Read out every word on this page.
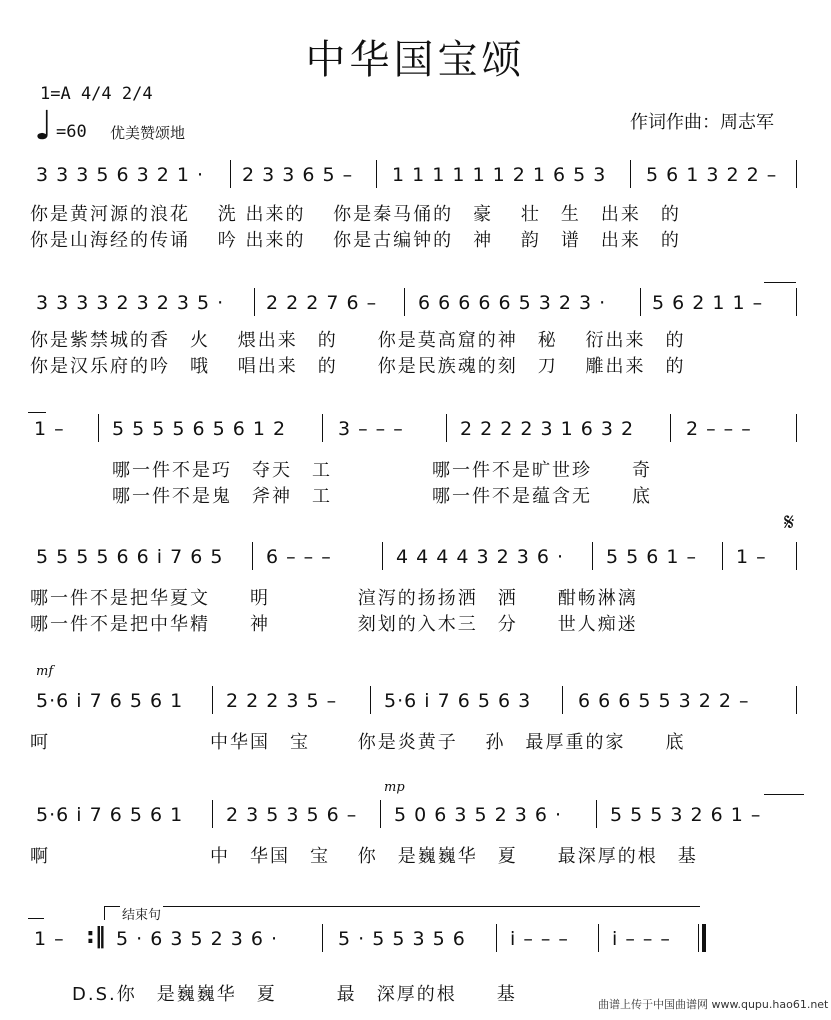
中华国宝颂
1=A 4/4 2/4
♩ =60 优美赞颂地	作词作曲：周志军
3 3 3 5 6 3 2 1 · 2 3 3 6 5 – 1 1 1 1 1 1 2 1 6 5 3 5 6 1 3 2 2 –
你是黄河源的浪花　 洗 出来的　 你是秦马俑的　豪　 壮　生　出来　的
你是山海经的传诵　 吟 出来的　 你是古编钟的　神　 韵　谱　出来　的
3 3 3 3 2 3 2 3 5 · 2 2 2 7 6 – 6 6 6 6 6 5 3 2 3 · 5 6 2 1 1 –
你是紫禁城的香　火　 煨出来　的　　你是莫高窟的神　秘　 衍出来　的
你是汉乐府的吟　哦　 唱出来　的　　你是民族魂的刻　刀　 雕出来　的
1 – 5 5 5 5 6 5 6 1 2	3 – – –	2 2 2 2 3 1 6 3 2	2 – – –
哪一件不是巧　夺天　工　　　　　哪一件不是旷世珍　　奇
哪一件不是鬼　斧神　工　　　　　哪一件不是蕴含无　　底
𝄋
5 5 5 5 6 6 i 7 6 5 6 – – –	4 4 4 4 3 2 3 6 · 5 5 6 1 – 1 –
哪一件不是把华夏文　　明　　　　 渲泻的扬扬洒　洒　　酣畅淋漓
哪一件不是把中华精　　神　　　　 刻划的入木三　分　　世人痴迷
mf
5·6 i 7 6 5 6 1 2 2 2 3 5 – 5·6 i 7 6 5 6 3 6 6 6 5 5 3 2 2 –
呵　　　　　　　　中华国　宝　　 你是炎黄子　 孙　最厚重的家　　底
mp
5·6 i 7 6 5 6 1 2 3 5 3 5 6 – 5 0 6 3 5 2 3 6 ·	5 5 5 3 2 6 1 –
啊　　　　　　　　中　华国　宝　 你　是巍巍华　夏　　最深厚的根　基
结束句
1 – :‖ 5 · 6 3 5 2 3 6 ·	5 · 5 5 3 5 6 i – – – i – – –
D.S.你　是巍巍华　夏　　　最　深厚的根　　基	曲谱上传于中国曲谱网 www.qupu.hao61.net
